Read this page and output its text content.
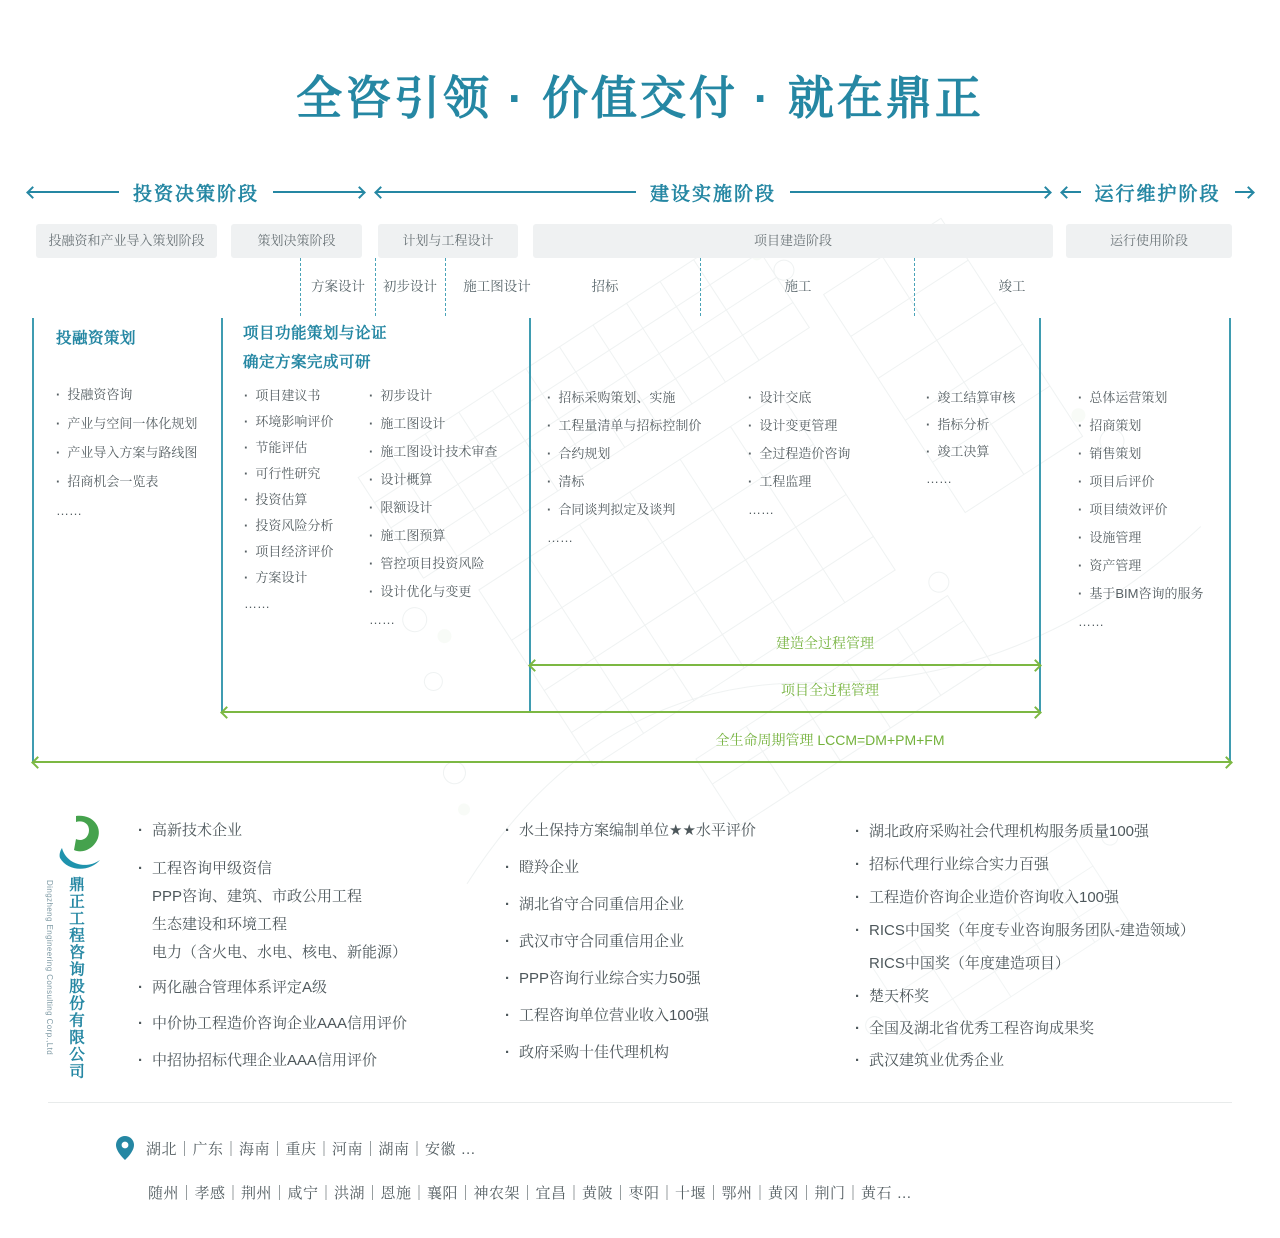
全咨引领 · 价值交付 · 就在鼎正
投资决策阶段	建设实施阶段	运行维护阶段
投融资和产业导入策划阶段	策划决策阶段	计划与工程设计	项目建造阶段	运行使用阶段
方案设计	初步设计	施工图设计	招标	施工	竣工
投融资策划	项目功能策划与论证
确定方案完成可研
· 投融资咨询
· 产业与空间一体化规划
· 产业导入方案与路线图
· 招商机会一览表
……
· 项目建议书
· 环境影响评价
· 节能评估
· 可行性研究
· 投资估算
· 投资风险分析
· 项目经济评价
· 方案设计
……
· 初步设计
· 施工图设计
· 施工图设计技术审查
· 设计概算
· 限额设计
· 施工图预算
· 管控项目投资风险
· 设计优化与变更
……
· 招标采购策划、实施
· 工程量清单与招标控制价
· 合约规划
· 清标
· 合同谈判拟定及谈判
……
· 设计交底
· 设计变更管理
· 全过程造价咨询
· 工程监理
……
· 竣工结算审核
· 指标分析
· 竣工决算
……
· 总体运营策划
· 招商策划
· 销售策划
· 项目后评价
· 项目绩效评价
· 设施管理
· 资产管理
· 基于BIM咨询的服务
……
建造全过程管理
项目全过程管理
全生命周期管理 LCCM=DM+PM+FM
Dingzheng Engineering Consulting Corp.,Ltd 鼎正工程咨询股份有限公司
· 高新技术企业
· 工程咨询甲级资信
PPP咨询、建筑、市政公用工程
生态建设和环境工程
电力（含火电、水电、核电、新能源）
· 两化融合管理体系评定A级
· 中价协工程造价咨询企业AAA信用评价
· 中招协招标代理企业AAA信用评价
· 水土保持方案编制单位★★水平评价
· 瞪羚企业
· 湖北省守合同重信用企业
· 武汉市守合同重信用企业
· PPP咨询行业综合实力50强
· 工程咨询单位营业收入100强
· 政府采购十佳代理机构
· 湖北政府采购社会代理机构服务质量100强
· 招标代理行业综合实力百强
· 工程造价咨询企业造价咨询收入100强
· RICS中国奖（年度专业咨询服务团队-建造领域）
RICS中国奖（年度建造项目）
· 楚天杯奖
· 全国及湖北省优秀工程咨询成果奖
· 武汉建筑业优秀企业
湖北｜广东｜海南｜重庆｜河南｜湖南｜安徽 …
随州｜孝感｜荆州｜咸宁｜洪湖｜恩施｜襄阳｜神农架｜宜昌｜黄陂｜枣阳｜十堰｜鄂州｜黄冈｜荆门｜黄石 …
